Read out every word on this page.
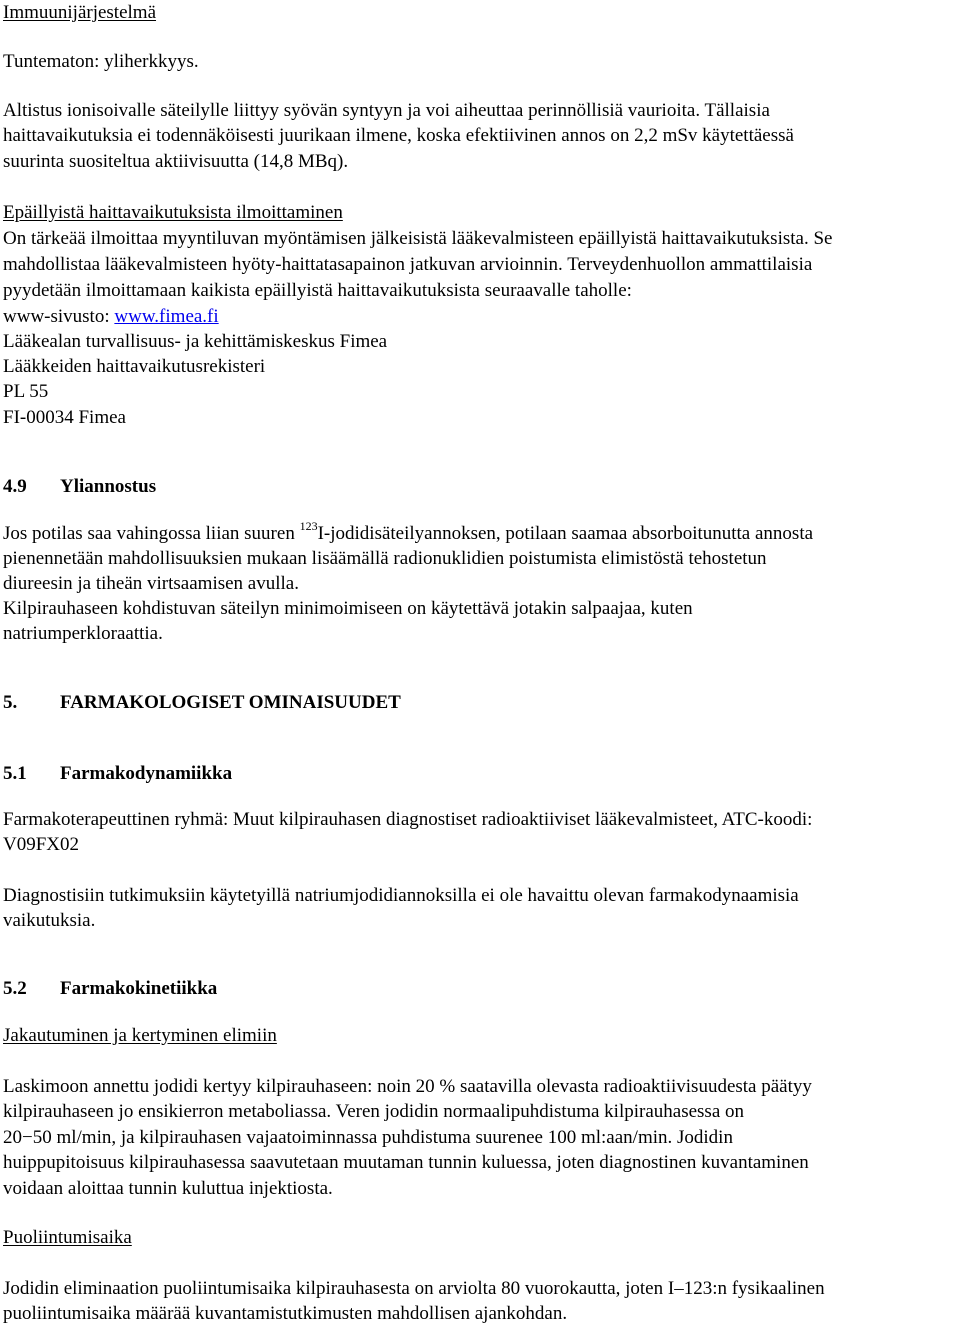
Immuunijärjestelmä
Tuntematon: yliherkkyys.
Altistus ionisoivalle säteilylle liittyy syövän syntyyn ja voi aiheuttaa perinnöllisiä vaurioita. Tällaisia
haittavaikutuksia ei todennäköisesti juurikaan ilmene, koska efektiivinen annos on 2,2 mSv käytettäessä
suurinta suositeltua aktiivisuutta (14,8 MBq).
Epäillyistä haittavaikutuksista ilmoittaminen
On tärkeää ilmoittaa myyntiluvan myöntämisen jälkeisistä lääkevalmisteen epäillyistä haittavaikutuksista. Se
mahdollistaa lääkevalmisteen hyöty-haittatasapainon jatkuvan arvioinnin. Terveydenhuollon ammattilaisia
pyydetään ilmoittamaan kaikista epäillyistä haittavaikutuksista seuraavalle taholle:
www-sivusto: www.fimea.fi
Lääkealan turvallisuus- ja kehittämiskeskus Fimea
Lääkkeiden haittavaikutusrekisteri
PL 55
FI-00034 Fimea
4.9 Yliannostus
Jos potilas saa vahingossa liian suuren $^{123}$I-jodidisäteilyannoksen, potilaan saamaa absorboitunutta annosta
pienennetään mahdollisuuksien mukaan lisäämällä radionuklidien poistumista elimistöstä tehostetun
diureesin ja tiheän virtsaamisen avulla.
Kilpirauhaseen kohdistuvan säteilyn minimoimiseen on käytettävä jotakin salpaajaa, kuten
natriumperkloraattia.
5. FARMAKOLOGISET OMINAISUUDET
5.1 Farmakodynamiikka
Farmakoterapeuttinen ryhmä: Muut kilpirauhasen diagnostiset radioaktiiviset lääkevalmisteet, ATC-koodi:
V09FX02
Diagnostisiin tutkimuksiin käytetyillä natriumjodidiannoksilla ei ole havaittu olevan farmakodynaamisia
vaikutuksia.
5.2 Farmakokinetiikka
Jakautuminen ja kertyminen elimiin
Laskimoon annettu jodidi kertyy kilpirauhaseen: noin 20 % saatavilla olevasta radioaktiivisuudesta päätyy
kilpirauhaseen jo ensikierron metaboliassa. Veren jodidin normaalipuhdistuma kilpirauhasessa on
20−50 ml/min, ja kilpirauhasen vajaatoiminnassa puhdistuma suurenee 100 ml:aan/min. Jodidin
huippupitoisuus kilpirauhasessa saavutetaan muutaman tunnin kuluessa, joten diagnostinen kuvantaminen
voidaan aloittaa tunnin kuluttua injektiosta.
Puoliintumisaika
Jodidin eliminaation puoliintumisaika kilpirauhasesta on arviolta 80 vuorokautta, joten I–123:n fysikaalinen
puoliintumisaika määrää kuvantamistutkimusten mahdollisen ajankohdan.
